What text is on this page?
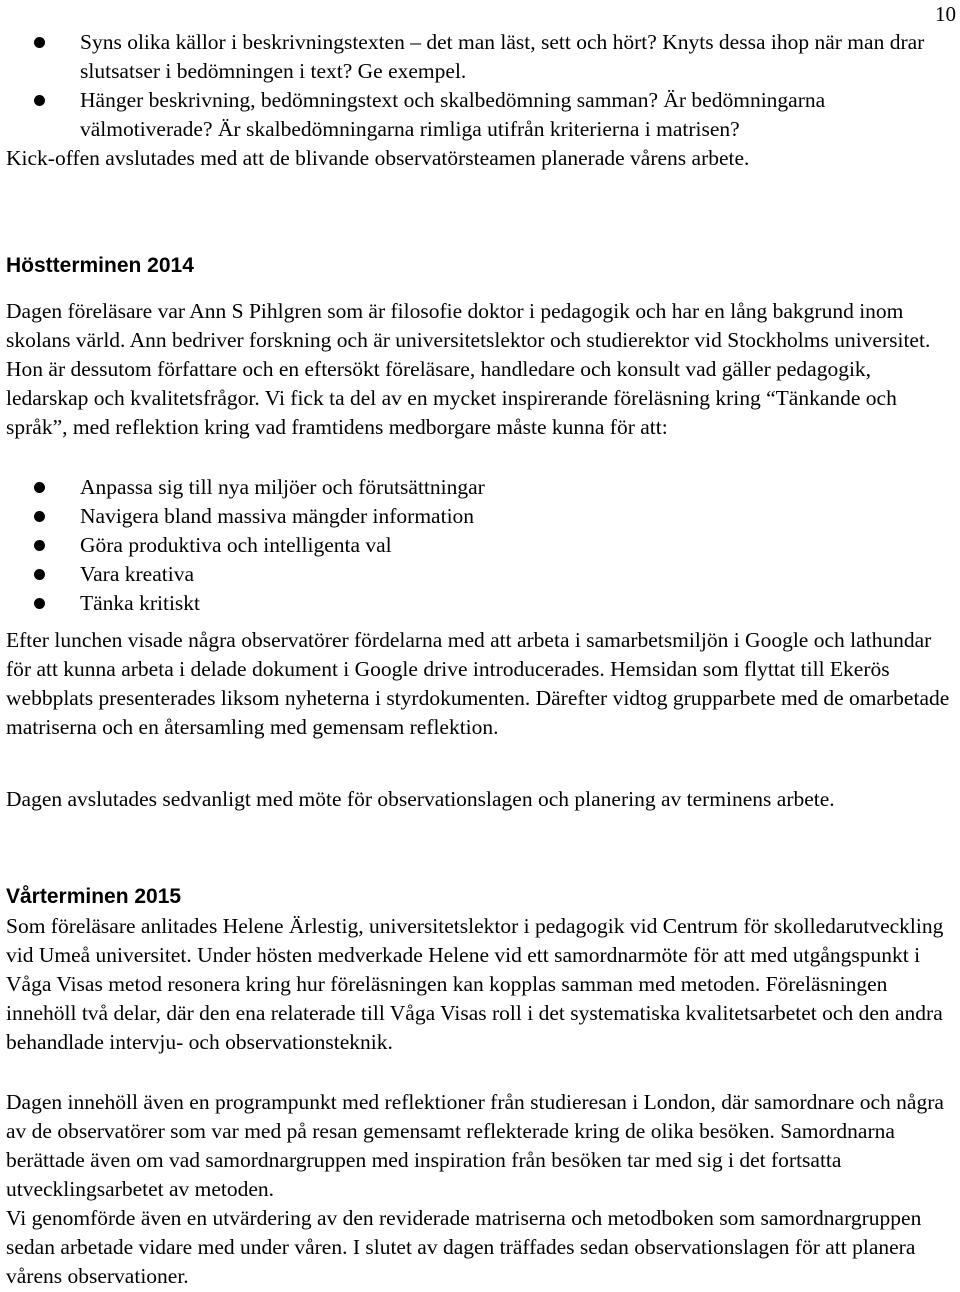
10
Syns olika källor i beskrivningstexten – det man läst, sett och hört? Knyts dessa ihop när man drar slutsatser i bedömningen i text? Ge exempel.
Hänger beskrivning, bedömningstext och skalbedömning samman? Är bedömningarna välmotiverade? Är skalbedömningarna rimliga utifrån kriterierna i matrisen?
Kick-offen avslutades med att de blivande observatörsteamen planerade vårens arbete.
Höstterminen 2014
Dagen föreläsare var Ann S Pihlgren som är filosofie doktor i pedagogik och har en lång bakgrund inom skolans värld. Ann bedriver forskning och är universitetslektor och studierektor vid Stockholms universitet. Hon är dessutom författare och en eftersökt föreläsare, handledare och konsult vad gäller pedagogik, ledarskap och kvalitetsfrågor. Vi fick ta del av en mycket inspirerande föreläsning kring “Tänkande och språk”, med reflektion kring vad framtidens medborgare måste kunna för att:
Anpassa sig till nya miljöer och förutsättningar
Navigera bland massiva mängder information
Göra produktiva och intelligenta val
Vara kreativa
Tänka kritiskt
Efter lunchen visade några observatörer fördelarna med att arbeta i samarbetsmiljön i Google och lathundar för att kunna arbeta i delade dokument i Google drive introducerades. Hemsidan som flyttat till Ekerös webbplats presenterades liksom nyheterna i styrdokumenten. Därefter vidtog grupparbete med de omarbetade matriserna och en återsamling med gemensam reflektion.
Dagen avslutades sedvanligt med möte för observationslagen och planering av terminens arbete.
Vårterminen 2015
Som föreläsare anlitades Helene Ärlestig, universitetslektor i pedagogik vid Centrum för skolledarutveckling vid Umeå universitet. Under hösten medverkade Helene vid ett samordnarmöte för att med utgångspunkt i Våga Visas metod resonera kring hur föreläsningen kan kopplas samman med metoden. Föreläsningen innehöll två delar, där den ena relaterade till Våga Visas roll i det systematiska kvalitetsarbetet och den andra behandlade intervju- och observationsteknik.
Dagen innehöll även en programpunkt med reflektioner från studieresan i London, där samordnare och några av de observatörer som var med på resan gemensamt reflekterade kring de olika besöken. Samordnarna berättade även om vad samordnargruppen med inspiration från besöken tar med sig i det fortsatta utvecklingsarbetet av metoden.
Vi genomförde även en utvärdering av den reviderade matriserna och metodboken som samordnargruppen sedan arbetade vidare med under våren. I slutet av dagen träffades sedan observationslagen för att planera vårens observationer.
